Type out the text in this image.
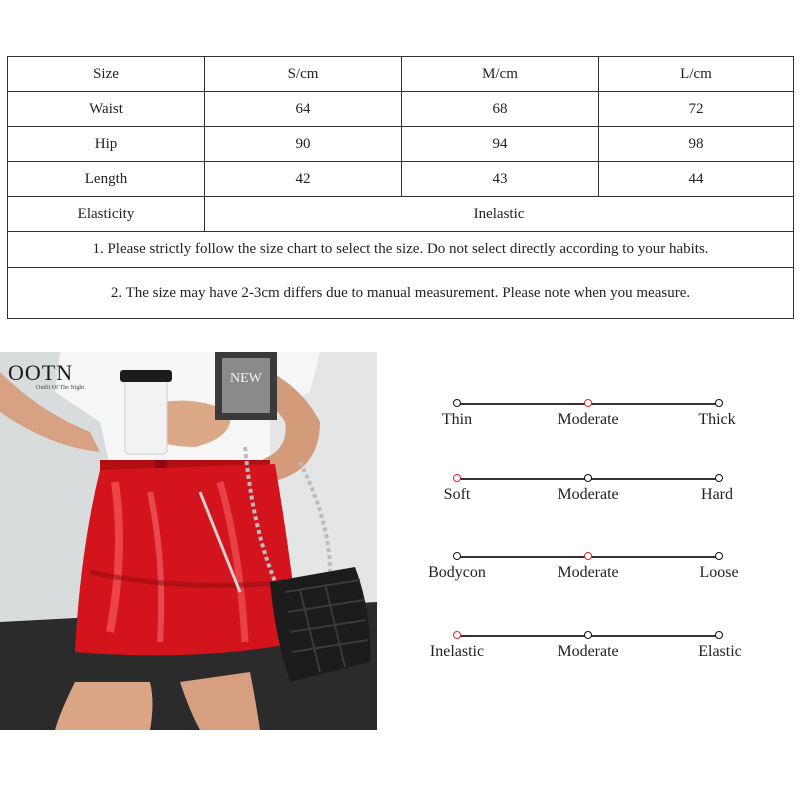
Size	S/cm	M/cm	L/cm
Waist	64	68	72
Hip	90	94	98
Length	42	43	44
Elasticity	Inelastic		
1. Please strictly follow the size chart to select the size. Do not select directly according to your habits.			
2. The size may have 2-3cm differs due to manual measurement. Please note when you measure.			
NEW
OOTN
Outfit Of The Night
Thin	Moderate	Thick
Soft	Moderate	Hard
Bodycon	Moderate	Loose
Inelastic	Moderate	Elastic
